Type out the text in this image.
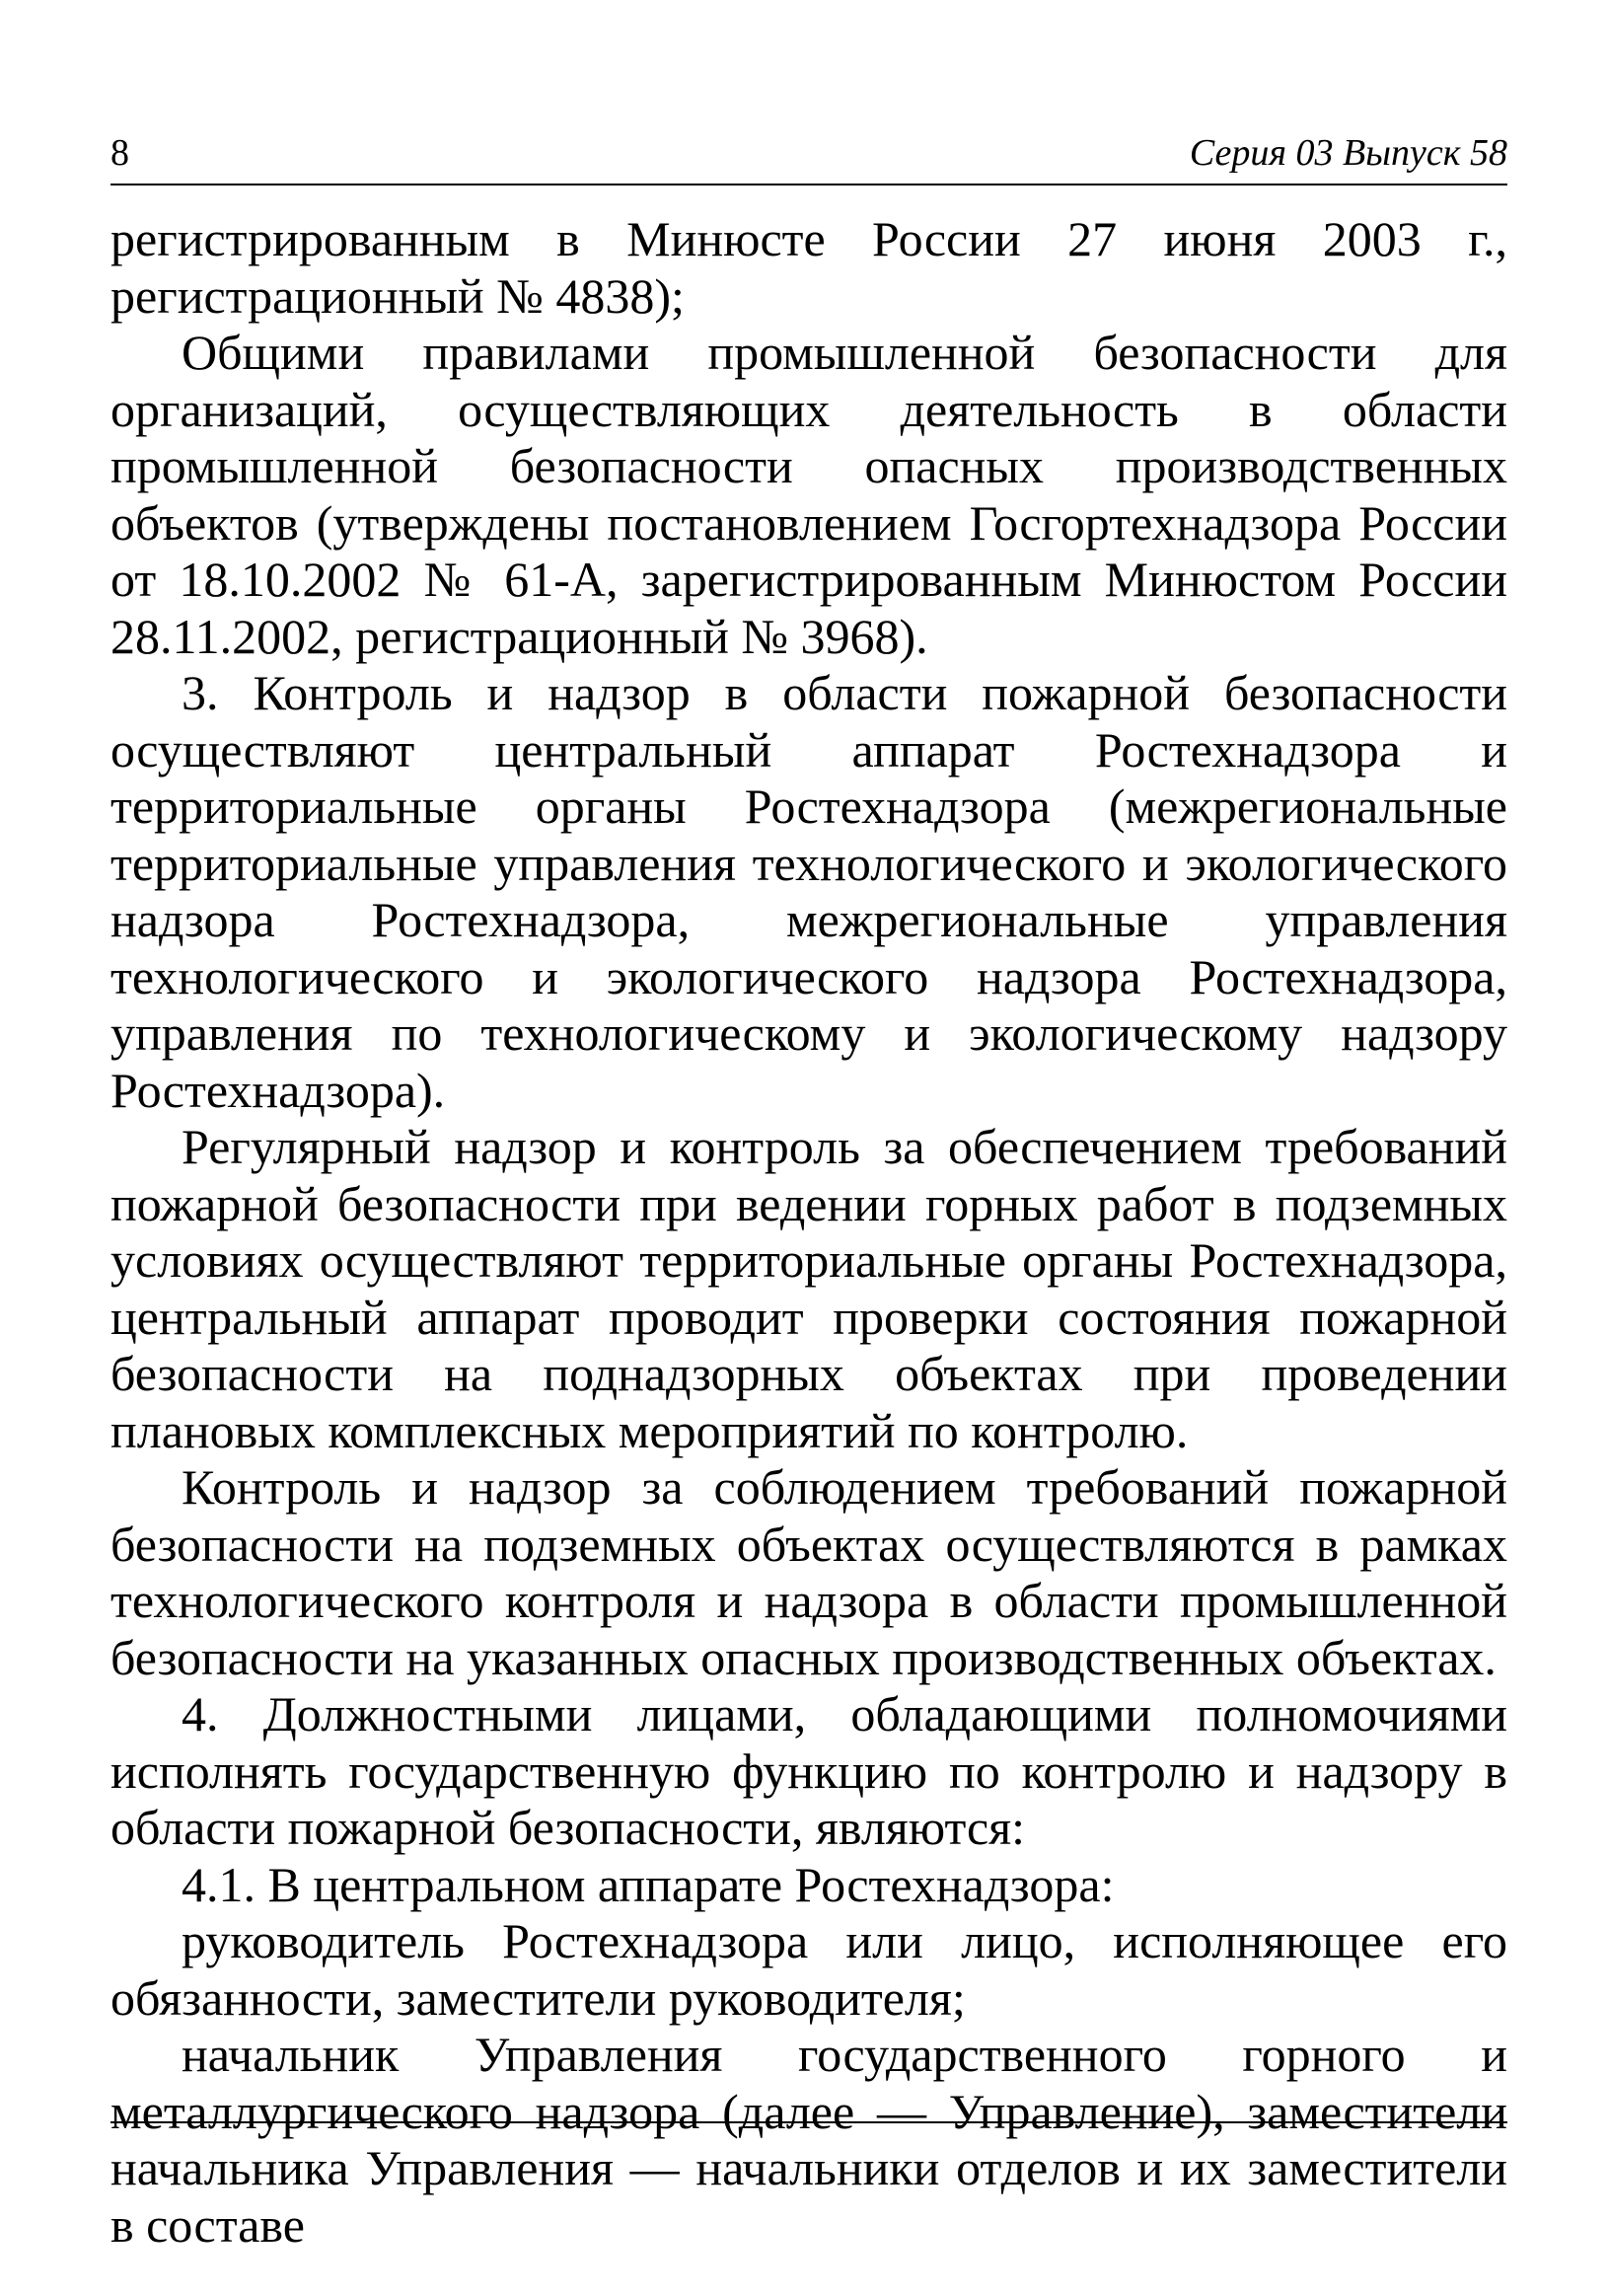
8	Серия 03 Выпуск 58

регистрированным в Минюсте России 27 июня 2003 г., регистрационный № 4838);

Общими правилами промышленной безопасности для организаций, осуществляющих деятельность в области промышленной безопасности опасных производственных объектов (утверждены постановлением Госгортехнадзора России от 18.10.2002 № 61-А, зарегистрированным Минюстом России 28.11.2002, регистрационный № 3968).

3. Контроль и надзор в области пожарной безопасности осуществляют центральный аппарат Ростехнадзора и территориальные органы Ростехнадзора (межрегиональные территориальные управления технологического и экологического надзора Ростехнадзора, межрегиональные управления технологического и экологического надзора Ростехнадзора, управления по технологическому и экологическому надзору Ростехнадзора).

Регулярный надзор и контроль за обеспечением требований пожарной безопасности при ведении горных работ в подземных условиях осуществляют территориальные органы Ростехнадзора, центральный аппарат проводит проверки состояния пожарной безопасности на поднадзорных объектах при проведении плановых комплексных мероприятий по контролю.

Контроль и надзор за соблюдением требований пожарной безопасности на подземных объектах осуществляются в рамках технологического контроля и надзора в области промышленной безопасности на указанных опасных производственных объектах.

4. Должностными лицами, обладающими полномочиями исполнять государственную функцию по контролю и надзору в области пожарной безопасности, являются:

4.1. В центральном аппарате Ростехнадзора:

руководитель Ростехнадзора или лицо, исполняющее его обязанности, заместители руководителя;

начальник Управления государственного горного и металлургического надзора (далее — Управление), заместители начальника Управления — начальники отделов и их заместители в составе
